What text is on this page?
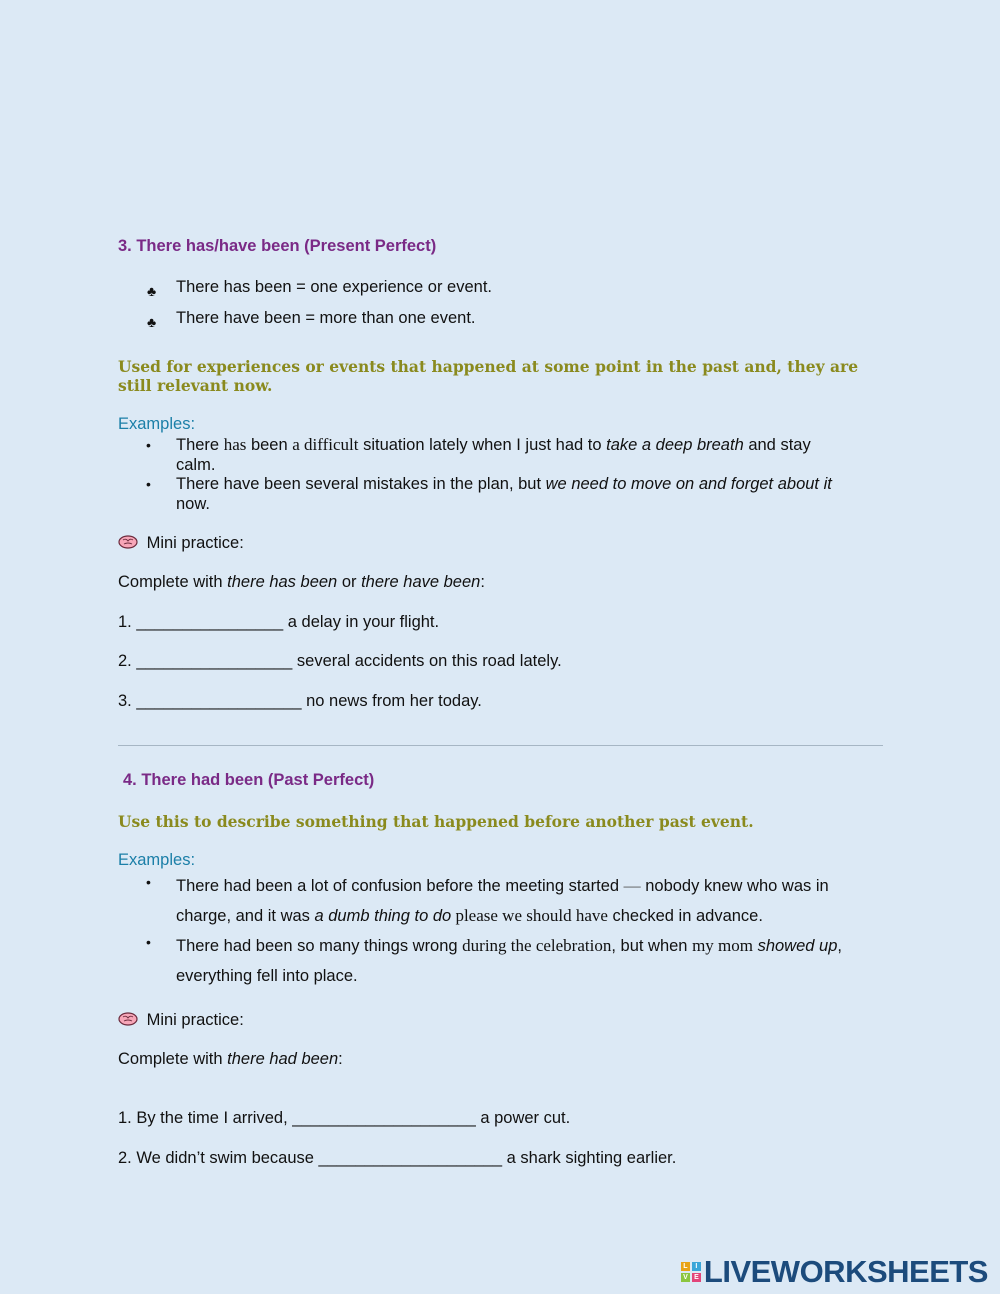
3. There has/have been (Present Perfect)
♣ There has been = one experience or event.
♣ There have been = more than one event.
Used for experiences or events that happened at some point in the past and, they are still relevant now.
Examples:
• There has been a difficult situation lately when I just had to take a deep breath and stay
calm.
• There have been several mistakes in the plan, but we need to move on and forget about it
now.
Mini practice:
Complete with there has been or there have been:
1. ________________ a delay in your flight.
2. _________________ several accidents on this road lately.
3. __________________ no news from her today.
4. There had been (Past Perfect)
Use this to describe something that happened before another past event.
Examples:
• There had been a lot of confusion before the meeting started — nobody knew who was in
charge, and it was a dumb thing to do please we should have checked in advance.
• There had been so many things wrong during the celebration, but when my mom showed up,
everything fell into place.
Mini practice:
Complete with there had been:
1. By the time I arrived, ____________________ a power cut.
2. We didn’t swim because ____________________ a shark sighting earlier.
L	I
V E LIVEWORKSHEETS
